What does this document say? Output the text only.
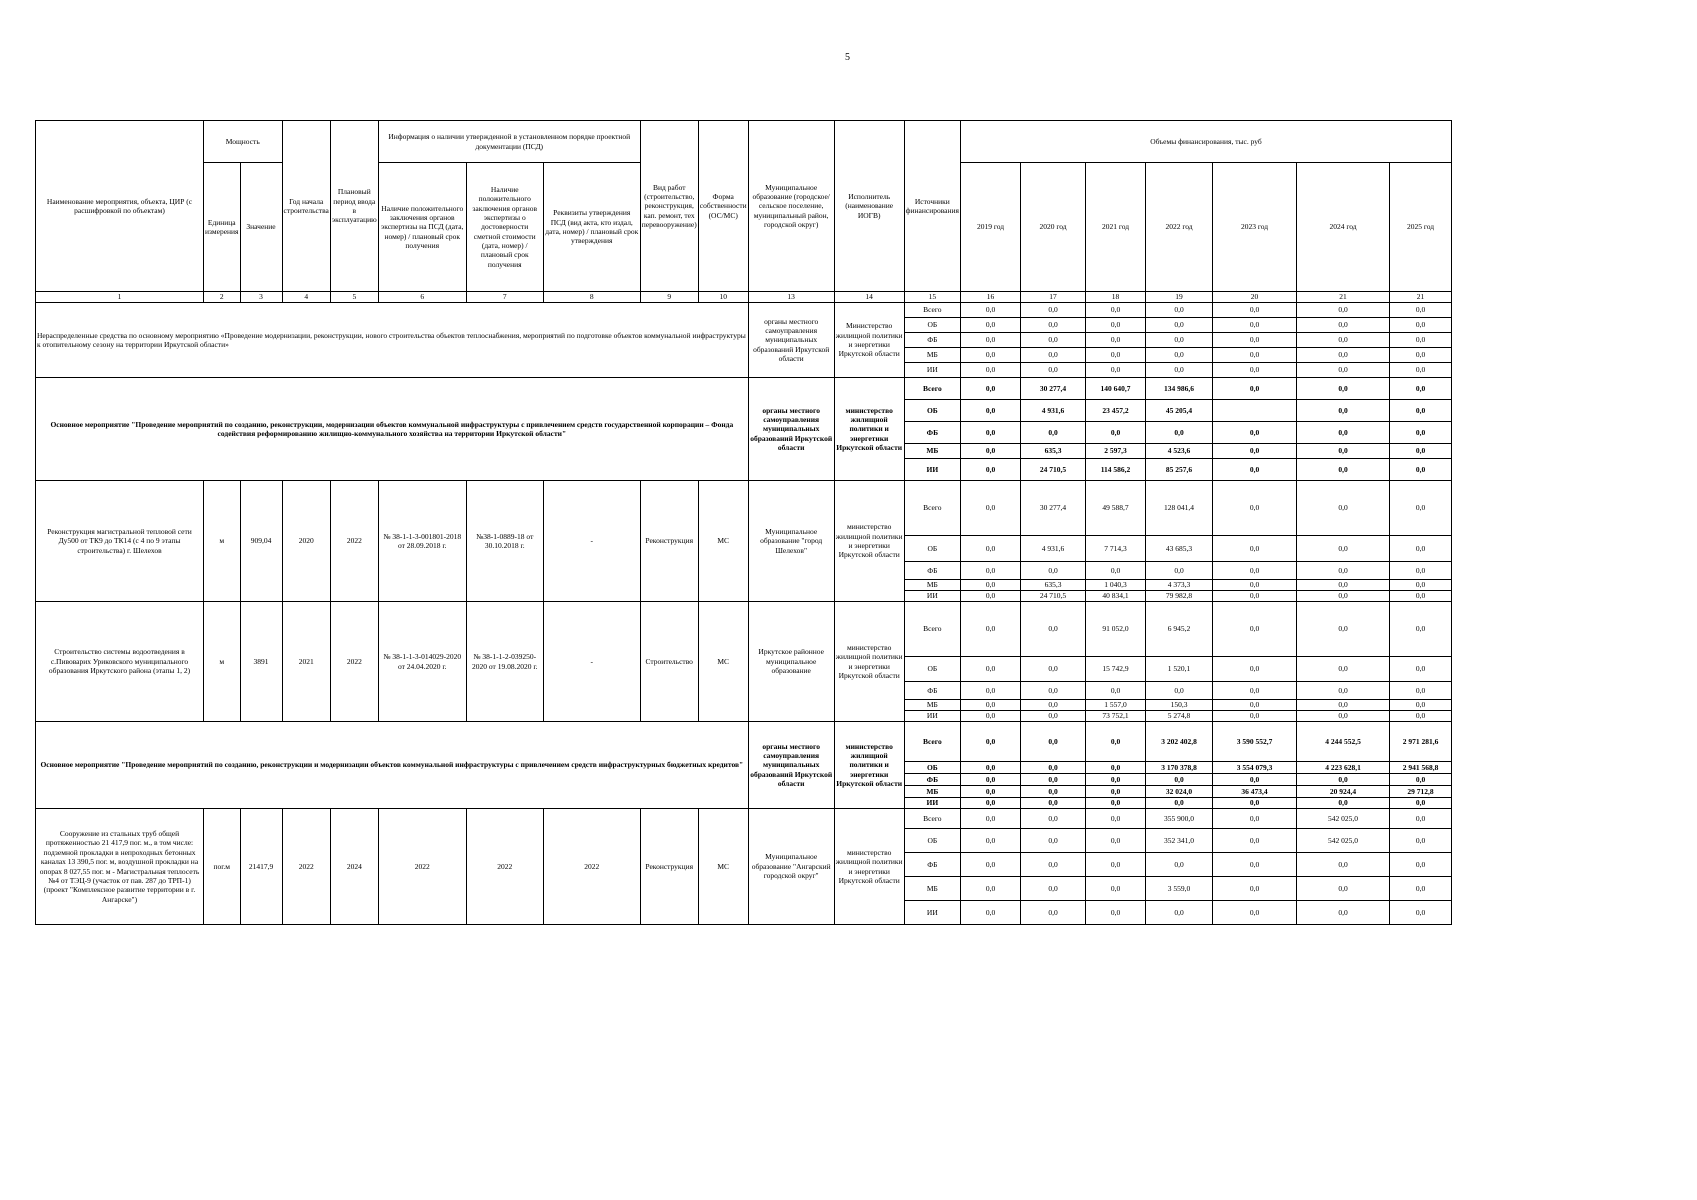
5
Наименование мероприятия, объекта, ЦИР (с расшифровкой по объектам)	Мощность		Год начала строительства	Плановый период ввода в эксплуатацию	Информация о наличии утвержденной в установленном порядке проектной документации (ПСД)			Вид работ (строительство, реконструкция, кап. ремонт, тех перевооружение)	Форма собственности (ОС/МС)	Муниципальное образование (городское/сельское поселение, муниципальный район, городской округ)	Исполнитель (наименование ИОГВ)	Источники финансирования	Объемы финансирования, тыс. руб						
	Единица измерения	Значение			Наличие положительного заключения органов экспертизы на ПСД (дата, номер) / плановый срок получения	Наличие положительного заключения органов экспертизы о достоверности сметной стоимости (дата, номер) / плановый срок получения	Реквизиты утверждения ПСД (вид акта, кто издал, дата, номер) / плановый срок утверждения						2019 год	2020 год	2021 год	2022 год	2023 год	2024 год	2025 год
1	2	3	4	5	6	7	8	9	10	13	14	15	16	17	18	19	20	21	21
Нераспределенные средства по основному мероприятию «Проведение модернизации, реконструкции, нового строительства объектов теплоснабжения, мероприятий по подготовке объектов коммунальной инфраструктуры к отопительному сезону на территории Иркутской области»										органы местного самоуправления муниципальных образований Иркутской области	Министерство жилищной политики и энергетики Иркутской области	Всего	0,0	0,0	0,0	0,0	0,0	0,0	0,0
												ОБ	0,0	0,0	0,0	0,0	0,0	0,0	0,0
												ФБ	0,0	0,0	0,0	0,0	0,0	0,0	0,0
												МБ	0,0	0,0	0,0	0,0	0,0	0,0	0,0
												ИИ	0,0	0,0	0,0	0,0	0,0	0,0	0,0
Основное мероприятие "Проведение мероприятий по созданию, реконструкции, модернизации объектов коммунальной инфраструктуры с привлечением средств государственной корпорации – Фонда содействия реформированию жилищно-коммунального хозяйства на территории Иркутской области"										органы местного самоуправления муниципальных образований Иркутской области	министерство жилищной политики и энергетики Иркутской области	Всего	0,0	30 277,4	140 640,7	134 986,6	0,0	0,0	0,0
												ОБ	0,0	4 931,6	23 457,2	45 205,4		0,0	0,0
												ФБ	0,0	0,0	0,0	0,0	0,0	0,0	0,0
												МБ	0,0	635,3	2 597,3	4 523,6	0,0	0,0	0,0
												ИИ	0,0	24 710,5	114 586,2	85 257,6	0,0	0,0	0,0
Реконструкция магистральной тепловой сети Ду500 от ТК9 до ТК14 (с 4 по 9 этапы строительства) г. Шелехов	м	909,04	2020	2022	№ 38-1-1-3-001801-2018 от 28.09.2018 г.	№38-1-0889-18 от 30.10.2018 г.	-	Реконструкция	МС	Муниципальное образование "город Шелехов"	министерство жилищной политики и энергетики Иркутской области	Всего	0,0	30 277,4	49 588,7	128 041,4	0,0	0,0	0,0
												ОБ	0,0	4 931,6	7 714,3	43 685,3	0,0	0,0	0,0
												ФБ	0,0	0,0	0,0	0,0	0,0	0,0	0,0
												МБ	0,0	635,3	1 040,3	4 373,3	0,0	0,0	0,0
												ИИ	0,0	24 710,5	40 834,1	79 982,8	0,0	0,0	0,0
Строительство системы водоотведения в с.Пивоварих Уриковского муниципального образования Иркутского района (этапы 1, 2)	м	3891	2021	2022	№ 38-1-1-3-014029-2020 от 24.04.2020 г.	№ 38-1-1-2-039250-2020 от 19.08.2020 г.	-	Строительство	МС	Иркутское районное муниципальное образование	министерство жилищной политики и энергетики Иркутской области	Всего	0,0	0,0	91 052,0	6 945,2	0,0	0,0	0,0
												ОБ	0,0	0,0	15 742,9	1 520,1	0,0	0,0	0,0
												ФБ	0,0	0,0	0,0	0,0	0,0	0,0	0,0
												МБ	0,0	0,0	1 557,0	150,3	0,0	0,0	0,0
												ИИ	0,0	0,0	73 752,1	5 274,8	0,0	0,0	0,0
Основное мероприятие "Проведение мероприятий по созданию, реконструкции и модернизации объектов коммунальной инфраструктуры с привлечением средств инфраструктурных бюджетных кредитов"										органы местного самоуправления муниципальных образований Иркутской области	министерство жилищной политики и энергетики Иркутской области	Всего	0,0	0,0	0,0	3 202 402,8	3 590 552,7	4 244 552,5	2 971 281,6
												ОБ	0,0	0,0	0,0	3 170 378,8	3 554 079,3	4 223 628,1	2 941 568,8
												ФБ	0,0	0,0	0,0	0,0	0,0	0,0	0,0
												МБ	0,0	0,0	0,0	32 024,0	36 473,4	20 924,4	29 712,8
												ИИ	0,0	0,0	0,0	0,0	0,0	0,0	0,0
Сооружение из стальных труб общей протяженностью 21 417,9 пог. м., в том числе: подземной прокладки в непроходных бетонных каналах 13 390,5 пог. м, воздушной прокладки на опорах 8 027,55 пог. м - Магистральная теплосеть №4 от ТЭЦ-9 (участок от пав. 287 до ТРП-1) (проект "Комплексное развитие территории в г. Ангарске")	пог.м	21417,9	2022	2024	2022	2022	2022	Реконструкция	МС	Муниципальное образование "Ангарский городской округ"	министерство жилищной политики и энергетики Иркутской области	Всего	0,0	0,0	0,0	355 900,0	0,0	542 025,0	0,0
												ОБ	0,0	0,0	0,0	352 341,0	0,0	542 025,0	0,0
												ФБ	0,0	0,0	0,0	0,0	0,0	0,0	0,0
												МБ	0,0	0,0	0,0	3 559,0	0,0	0,0	0,0
												ИИ	0,0	0,0	0,0	0,0	0,0	0,0	0,0
